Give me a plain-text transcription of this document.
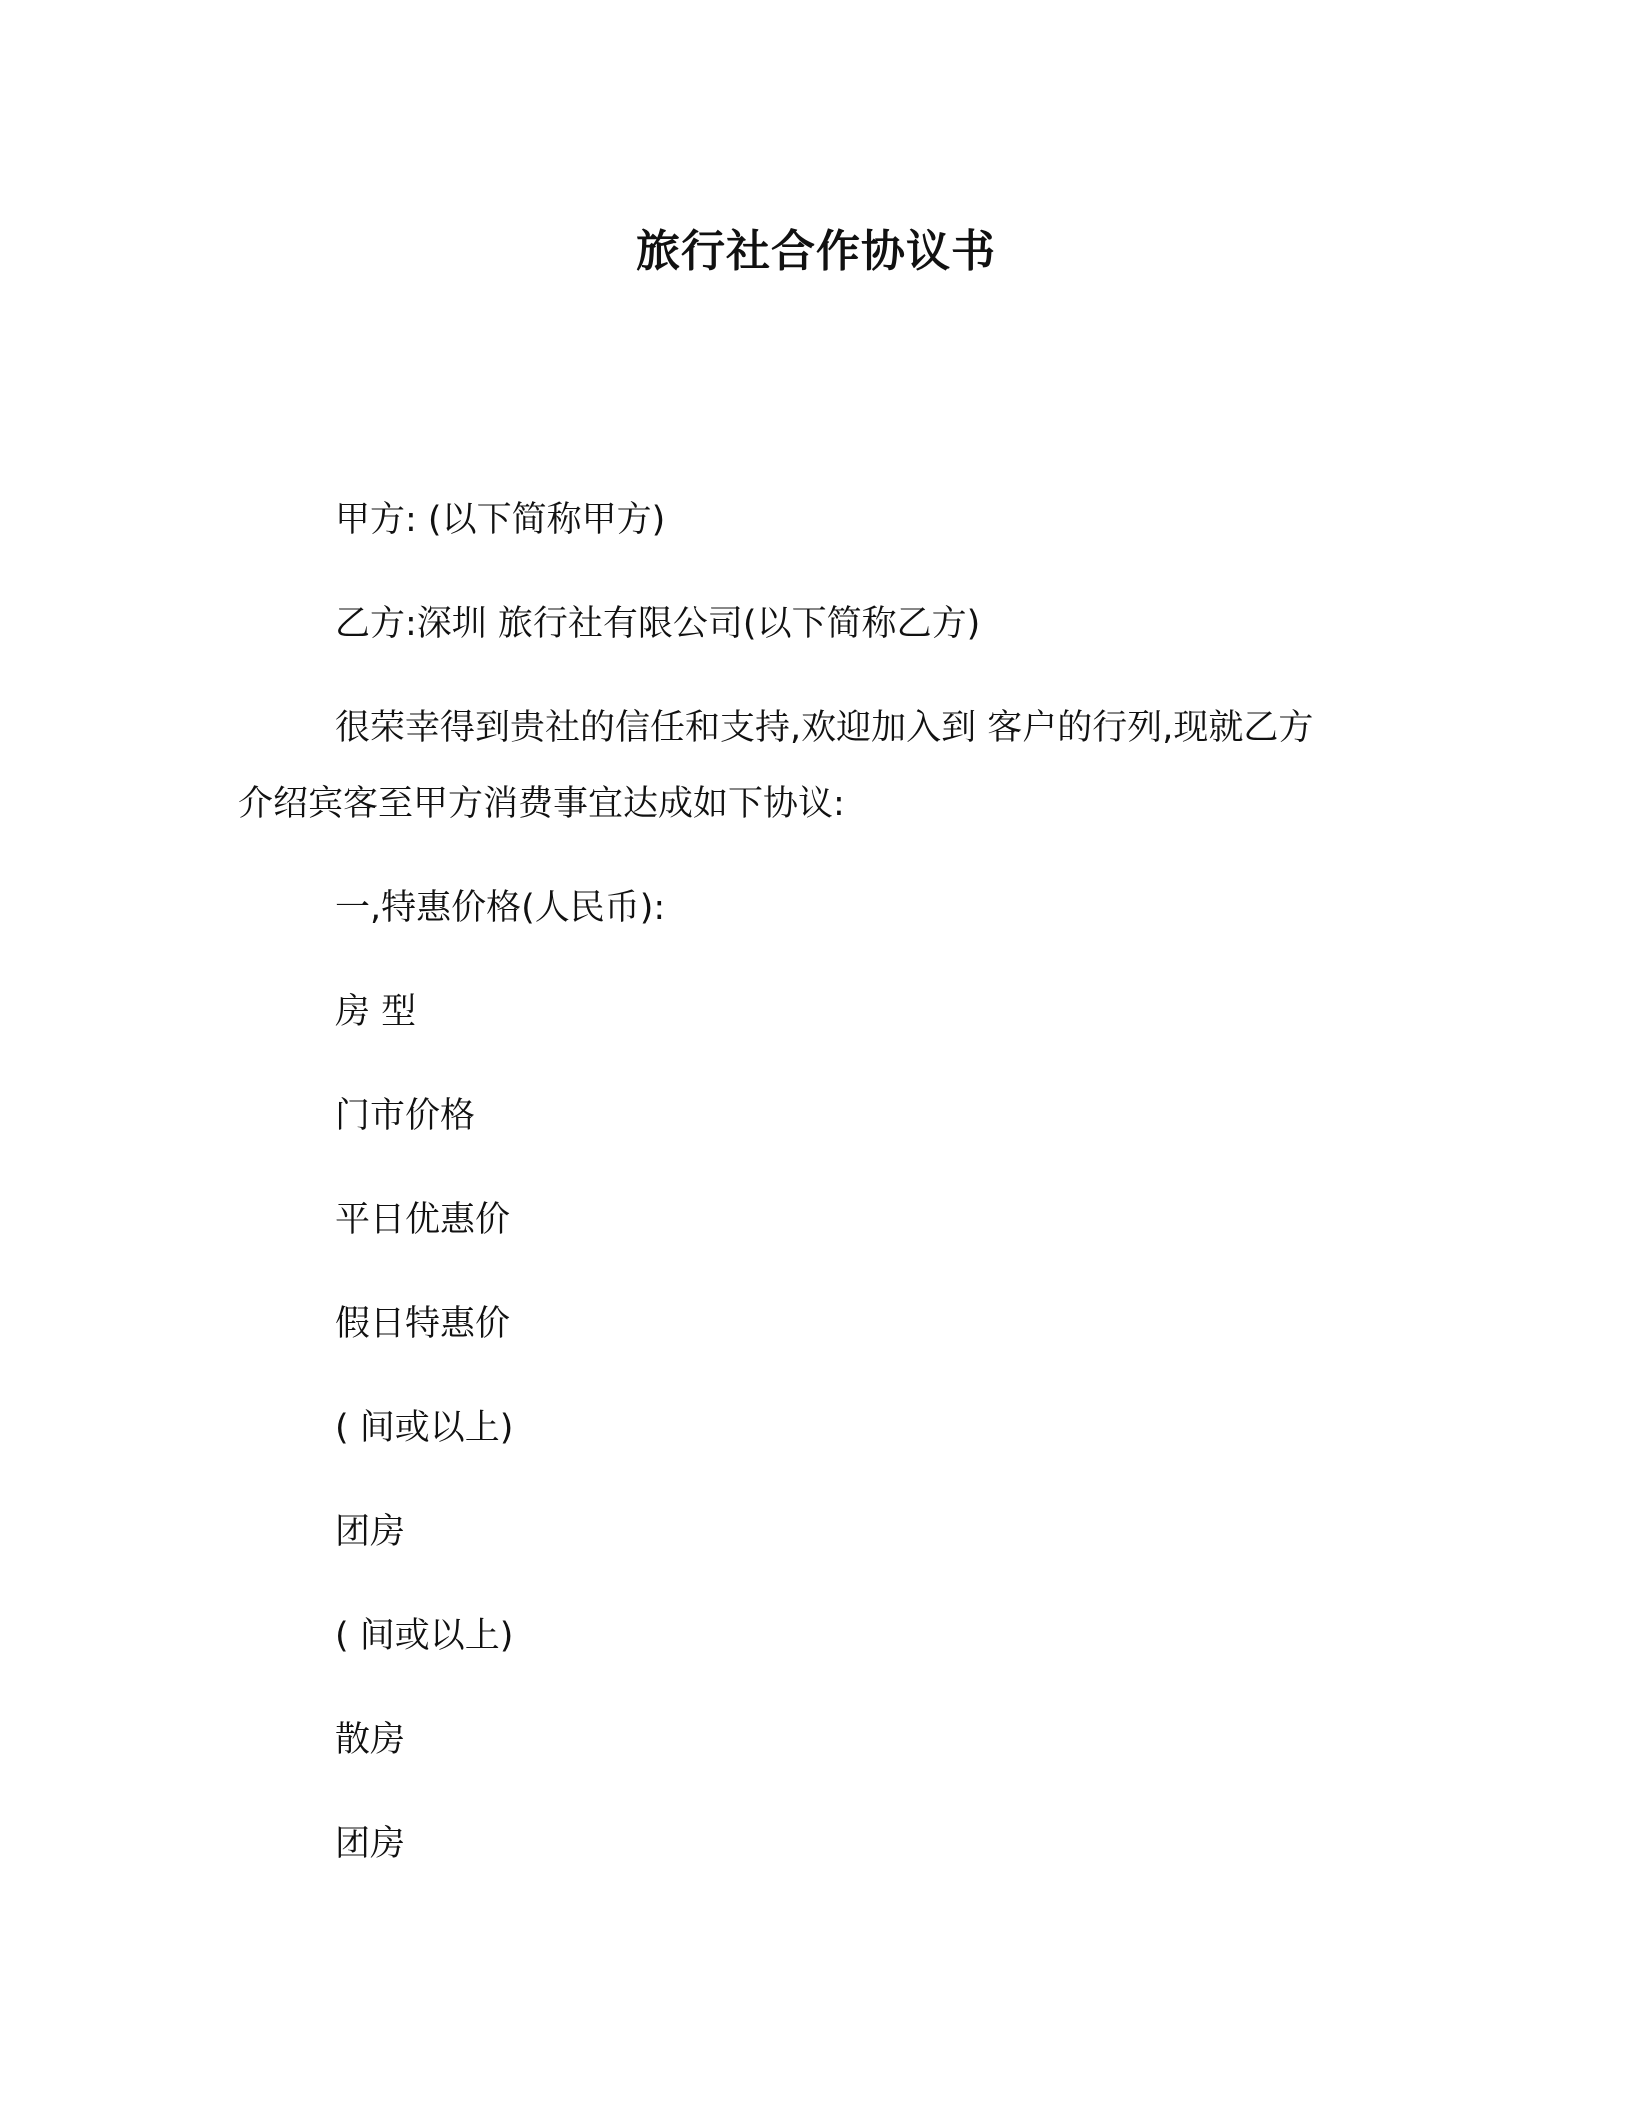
旅行社合作协议书
甲方: (以下简称甲方)
乙方:深圳 旅行社有限公司(以下简称乙方)
很荣幸得到贵社的信任和支持,欢迎加入到 客户的行列,现就乙方
介绍宾客至甲方消费事宜达成如下协议:
一,特惠价格(人民币):
房 型
门市价格
平日优惠价
假日特惠价
( 间或以上)
团房
( 间或以上)
散房
团房
